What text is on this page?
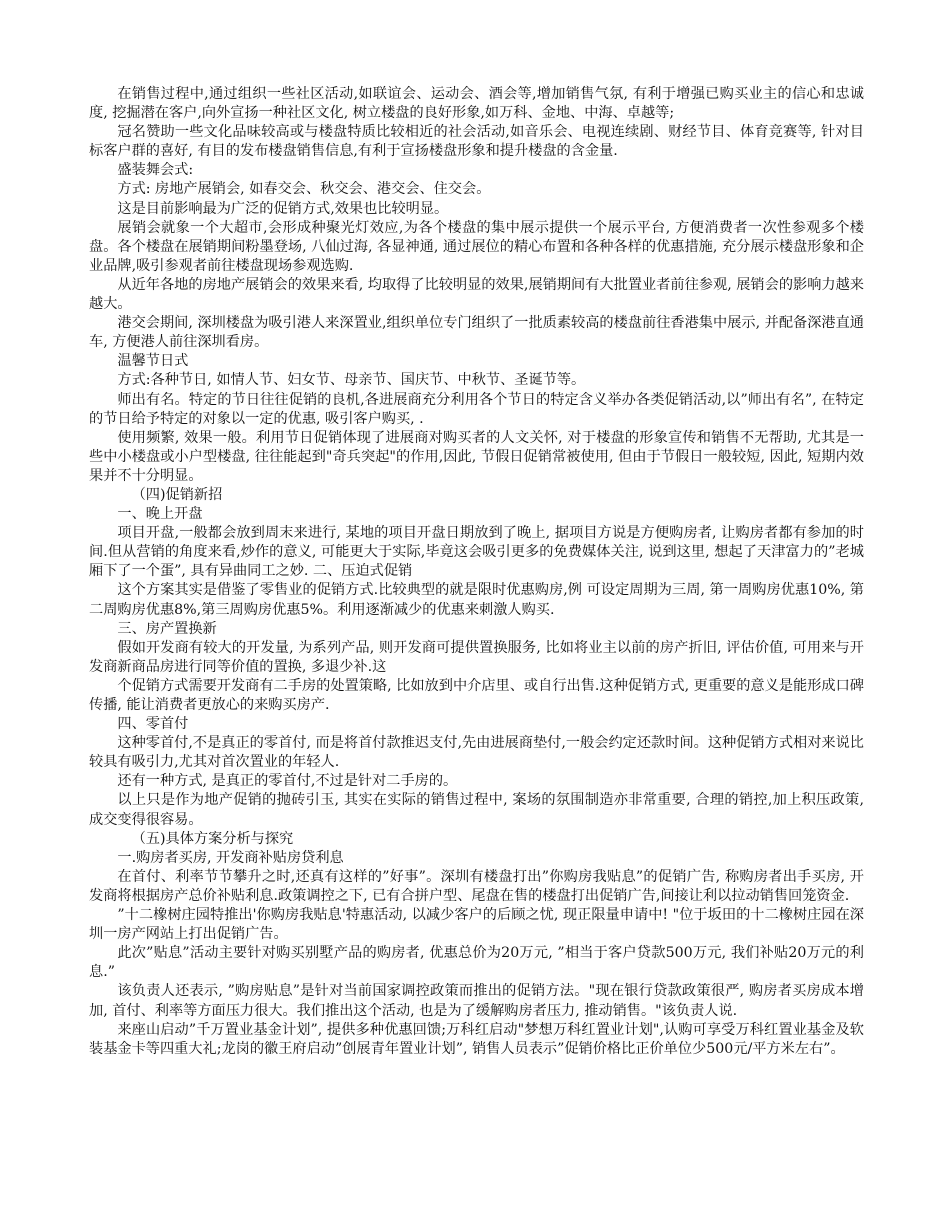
在销售过程中,通过组织一些社区活动,如联谊会、运动会、酒会等,增加销售气氛, 有利于增强已购买业主的信心和忠诚度, 挖掘潜在客户,向外宣扬一种社区文化, 树立楼盘的良好形象,如万科、金地、中海、卓越等;

冠名赞助一些文化品味较高或与楼盘特质比较相近的社会活动,如音乐会、电视连续剧、财经节目、体育竞赛等, 针对目标客户群的喜好, 有目的发布楼盘销售信息,有利于宣扬楼盘形象和提升楼盘的含金量.

盛装舞会式:

方式: 房地产展销会, 如春交会、秋交会、港交会、住交会。

这是目前影响最为广泛的促销方式,效果也比较明显。

展销会就象一个大超市,会形成种聚光灯效应,为各个楼盘的集中展示提供一个展示平台, 方便消费者一次性参观多个楼盘。各个楼盘在展销期间粉墨登场, 八仙过海, 各显神通, 通过展位的精心布置和各种各样的优惠措施, 充分展示楼盘形象和企业品牌,吸引参观者前往楼盘现场参观选购.

从近年各地的房地产展销会的效果来看, 均取得了比较明显的效果,展销期间有大批置业者前往参观, 展销会的影响力越来越大。

港交会期间, 深圳楼盘为吸引港人来深置业,组织单位专门组织了一批质素较高的楼盘前往香港集中展示, 并配备深港直通车, 方便港人前往深圳看房。

温馨节日式

方式:各种节日, 如情人节、妇女节、母亲节、国庆节、中秋节、圣诞节等。

师出有名。特定的节日往往促销的良机,各进展商充分利用各个节日的特定含义举办各类促销活动,以”师出有名”, 在特定的节日给予特定的对象以一定的优惠, 吸引客户购买, .

使用频繁, 效果一般。利用节日促销体现了进展商对购买者的人文关怀, 对于楼盘的形象宣传和销售不无帮助, 尤其是一些中小楼盘或小户型楼盘, 往往能起到"奇兵突起"的作用,因此, 节假日促销常被使用, 但由于节假日一般较短, 因此, 短期内效果并不十分明显。

（四)促销新招

一、晚上开盘

项目开盘,一般都会放到周末来进行, 某地的项目开盘日期放到了晚上, 据项目方说是方便购房者, 让购房者都有参加的时间.但从营销的角度来看,炒作的意义, 可能更大于实际,毕竟这会吸引更多的免费媒体关注, 说到这里, 想起了天津富力的”老城厢下了一个蛋”, 具有异曲同工之妙. 二、压迫式促销

这个方案其实是借鉴了零售业的促销方式.比较典型的就是限时优惠购房,例 可设定周期为三周, 第一周购房优惠10%, 第二周购房优惠8%,第三周购房优惠5%。利用逐渐减少的优惠来刺激人购买.

三、房产置换新

假如开发商有较大的开发量, 为系列产品, 则开发商可提供置换服务, 比如将业主以前的房产折旧, 评估价值, 可用来与开发商新商品房进行同等价值的置换, 多退少补.这

个促销方式需要开发商有二手房的处置策略, 比如放到中介店里、或自行出售.这种促销方式, 更重要的意义是能形成口碑传播, 能让消费者更放心的来购买房产.

四、零首付

这种零首付,不是真正的零首付, 而是将首付款推迟支付,先由进展商垫付,一般会约定还款时间。这种促销方式相对来说比较具有吸引力,尤其对首次置业的年轻人.

还有一种方式, 是真正的零首付,不过是针对二手房的。

以上只是作为地产促销的抛砖引玉, 其实在实际的销售过程中, 案场的氛围制造亦非常重要, 合理的销控,加上积压政策, 成交变得很容易。

（五)具体方案分析与探究

一.购房者买房, 开发商补贴房贷利息

在首付、利率节节攀升之时,还真有这样的”好事”。深圳有楼盘打出”你购房我贴息”的促销广告, 称购房者出手买房, 开发商将根据房产总价补贴利息.政策调控之下, 已有合拼户型、尾盘在售的楼盘打出促销广告,间接让利以拉动销售回笼资金.

”十二橡树庄园特推出'你购房我贴息'特惠活动, 以减少客户的后顾之忧, 现正限量申请中! "位于坂田的十二橡树庄园在深圳一房产网站上打出促销广告。

此次”贴息”活动主要针对购买别墅产品的购房者, 优惠总价为20万元, ”相当于客户贷款500万元, 我们补贴20万元的利息.”

该负责人还表示, ”购房贴息”是针对当前国家调控政策而推出的促销方法。"现在银行贷款政策很严, 购房者买房成本增加, 首付、利率等方面压力很大。我们推出这个活动, 也是为了缓解购房者压力, 推动销售。"该负责人说.

来座山启动”千万置业基金计划”, 提供多种优惠回馈;万科红启动"梦想万科红置业计划",认购可享受万科红置业基金及软装基金卡等四重大礼;龙岗的徽王府启动”创展青年置业计划”, 销售人员表示”促销价格比正价单位少500元/平方米左右”。
